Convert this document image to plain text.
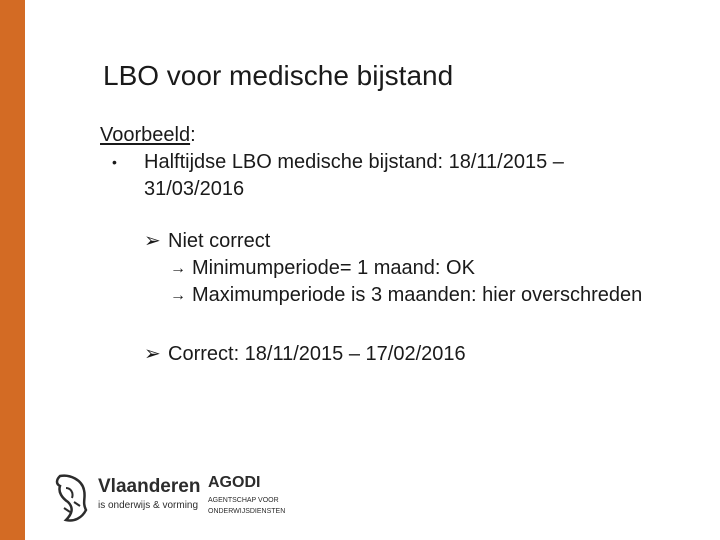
LBO voor medische bijstand
Voorbeeld:
• Halftijdse LBO medische bijstand: 18/11/2015 – 31/03/2016
➢ Niet correct
→ Minimumperiode= 1 maand: OK
→ Maximumperiode is 3 maanden: hier overschreden
➢ Correct: 18/11/2015 – 17/02/2016
Vlaanderen
is onderwijs & vorming
AGODI
AGENTSCHAP VOOR ONDERWIJSDIENSTEN
